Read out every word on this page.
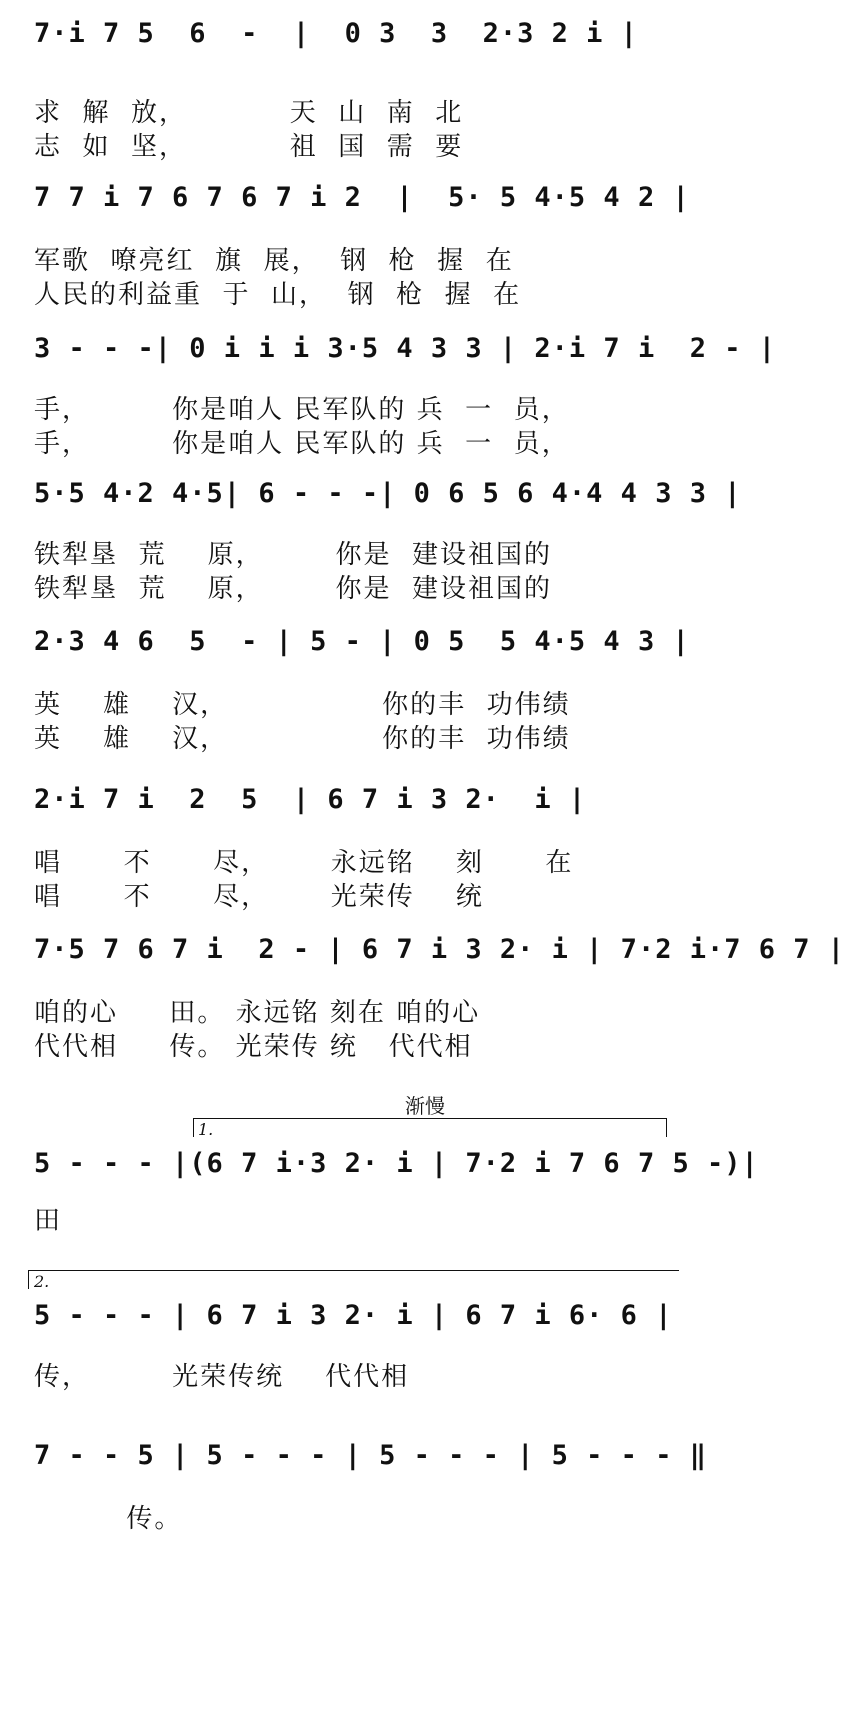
7·i 7 5  6  -  |  0 3  3  2·3 2 i |
求  解  放，          天  山  南  北
志  如  坚，          祖  国  需  要
7 7 i 7 6 7 6 7 i 2  |  5· 5 4·5 4 2 |
军歌  嘹亮红  旗  展，  钢  枪  握  在
人民的利益重  于  山，  钢  枪  握  在
3 - - -| 0 i i i 3·5 4 3 3 | 2·i 7 i  2 - |
手，        你是咱人 民军队的 兵  一  员，
手，        你是咱人 民军队的 兵  一  员，
5·5 4·2 4·5| 6 - - -| 0 6 5 6 4·4 4 3 3 |
铁犁垦  荒    原，       你是  建设祖国的
铁犁垦  荒    原，       你是  建设祖国的
2·3 4 6  5  - | 5 - | 0 5  5 4·5 4 3 |
英    雄    汉，               你的丰  功伟绩
英    雄    汉，               你的丰  功伟绩
2·i 7 i  2  5  | 6 7 i 3 2·  i |
唱      不      尽，      永远铭    刻      在
唱      不      尽，      光荣传    统
7·5 7 6 7 i  2 - | 6 7 i 3 2· i | 7·2 i·7 6 7 |
咱的心     田。 永远铭 刻在 咱的心
代代相     传。 光荣传 统   代代相
渐慢
1.
5 - - - |(6 7 i·3 2· i | 7·2 i 7 6 7 5 -)|
田
2.
5 - - - | 6 7 i 3 2· i | 6 7 i 6· 6 |
传，        光荣传统    代代相
7 - - 5 | 5 - - - | 5 - - - | 5 - - - ‖
传。
